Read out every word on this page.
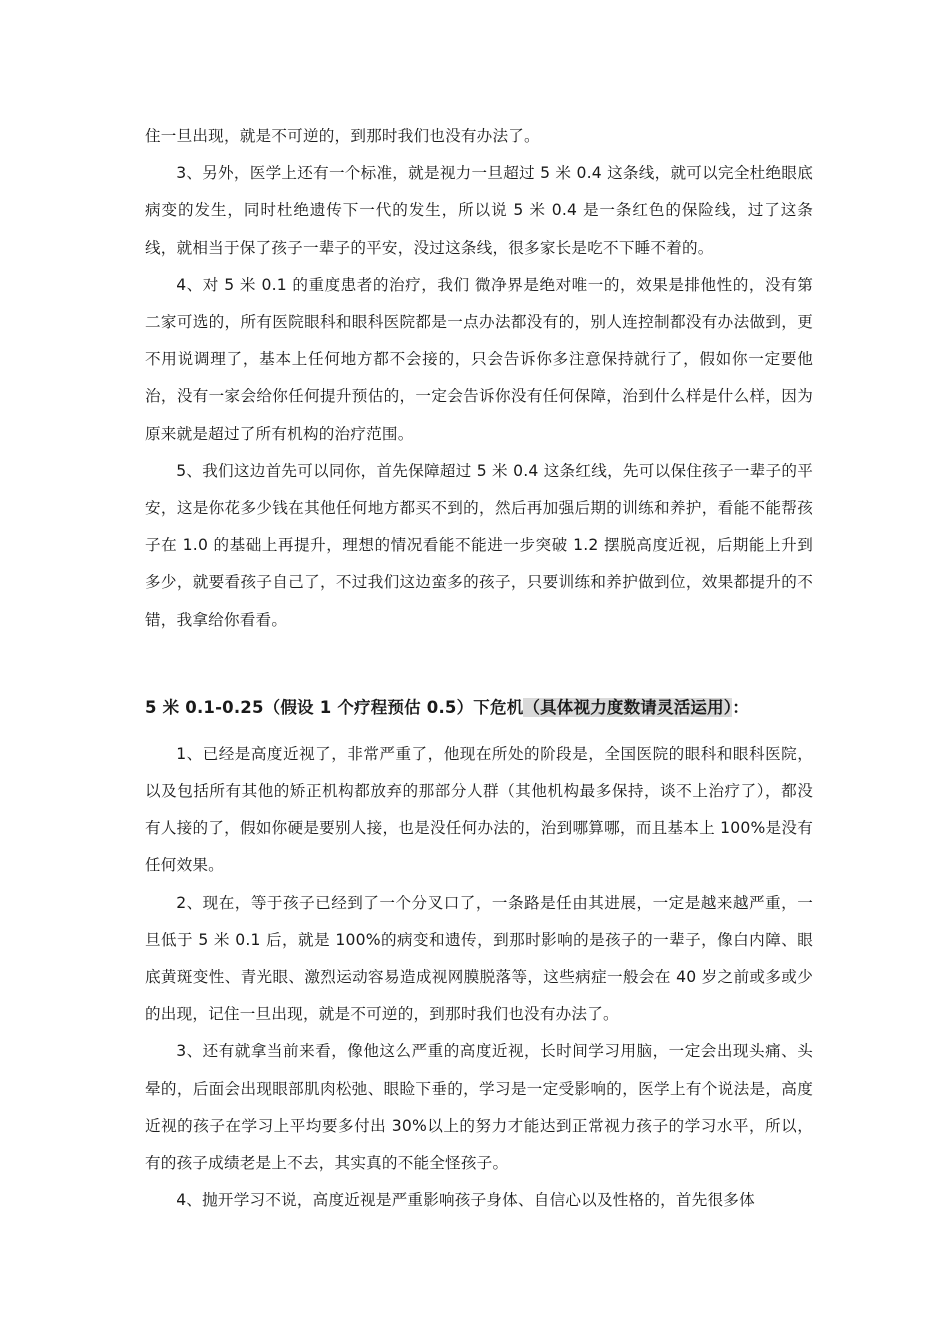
住一旦出现，就是不可逆的，到那时我们也没有办法了。

3、另外，医学上还有一个标准，就是视力一旦超过 5 米 0.4 这条线，就可以完全杜绝眼底病变的发生，同时杜绝遗传下一代的发生，所以说 5 米 0.4 是一条红色的保险线，过了这条线，就相当于保了孩子一辈子的平安，没过这条线，很多家长是吃不下睡不着的。

4、对 5 米 0.1 的重度患者的治疗，我们 微净界是绝对唯一的，效果是排他性的，没有第二家可选的，所有医院眼科和眼科医院都是一点办法都没有的，别人连控制都没有办法做到，更不用说调理了，基本上任何地方都不会接的，只会告诉你多注意保持就行了，假如你一定要他治，没有一家会给你任何提升预估的，一定会告诉你没有任何保障，治到什么样是什么样，因为原来就是超过了所有机构的治疗范围。

5、我们这边首先可以同你，首先保障超过 5 米 0.4 这条红线，先可以保住孩子一辈子的平安，这是你花多少钱在其他任何地方都买不到的，然后再加强后期的训练和养护，看能不能帮孩子在 1.0 的基础上再提升，理想的情况看能不能进一步突破 1.2 摆脱高度近视，后期能上升到多少，就要看孩子自己了，不过我们这边蛮多的孩子，只要训练和养护做到位，效果都提升的不错，我拿给你看看。

5 米 0.1-0.25（假设 1 个疗程预估 0.5）下危机（具体视力度数请灵活运用）：

1、已经是高度近视了，非常严重了，他现在所处的阶段是，全国医院的眼科和眼科医院，以及包括所有其他的矫正机构都放弃的那部分人群（其他机构最多保持，谈不上治疗了），都没有人接的了，假如你硬是要别人接，也是没任何办法的，治到哪算哪，而且基本上 100%是没有任何效果。

2、现在，等于孩子已经到了一个分叉口了，一条路是任由其进展，一定是越来越严重，一旦低于 5 米 0.1 后，就是 100%的病变和遗传，到那时影响的是孩子的一辈子，像白内障、眼底黄斑变性、青光眼、激烈运动容易造成视网膜脱落等，这些病症一般会在 40 岁之前或多或少的出现，记住一旦出现，就是不可逆的，到那时我们也没有办法了。

3、还有就拿当前来看，像他这么严重的高度近视，长时间学习用脑，一定会出现头痛、头晕的，后面会出现眼部肌肉松弛、眼睑下垂的，学习是一定受影响的，医学上有个说法是，高度近视的孩子在学习上平均要多付出 30%以上的努力才能达到正常视力孩子的学习水平，所以，有的孩子成绩老是上不去，其实真的不能全怪孩子。

4、抛开学习不说，高度近视是严重影响孩子身体、自信心以及性格的，首先很多体
